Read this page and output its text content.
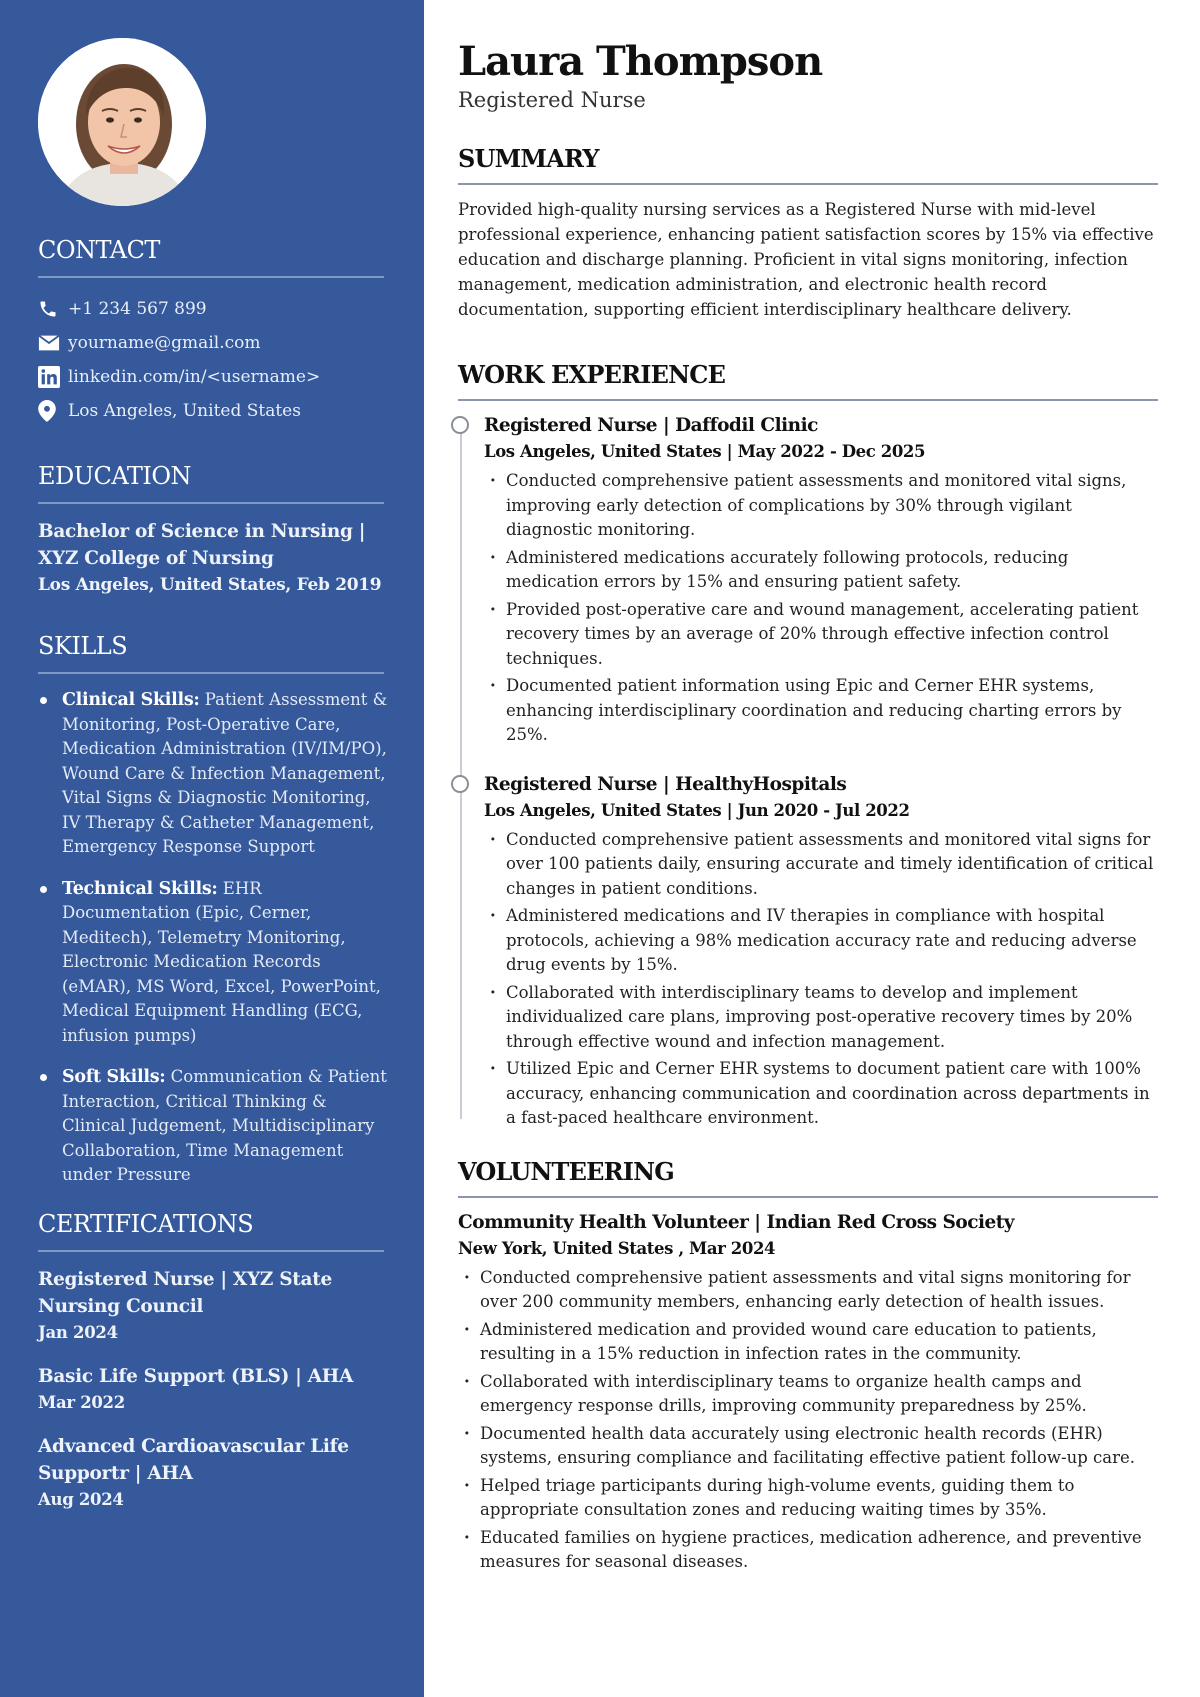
CONTACT
+1 234 567 899
yourname@gmail.com
linkedin.com/in/<username>
Los Angeles, United States
EDUCATION
Bachelor of Science in Nursing | XYZ College of Nursing
Los Angeles, United States, Feb 2019
SKILLS
Clinical Skills: Patient Assessment & Monitoring, Post-Operative Care, Medication Administration (IV/IM/PO), Wound Care & Infection Management, Vital Signs & Diagnostic Monitoring, IV Therapy & Catheter Management, Emergency Response Support
Technical Skills: EHR Documentation (Epic, Cerner, Meditech), Telemetry Monitoring, Electronic Medication Records (eMAR), MS Word, Excel, PowerPoint, Medical Equipment Handling (ECG, infusion pumps)
Soft Skills: Communication & Patient Interaction, Critical Thinking & Clinical Judgement, Multidisciplinary Collaboration, Time Management under Pressure
CERTIFICATIONS
Registered Nurse | XYZ State Nursing Council
Jan 2024
Basic Life Support (BLS) | AHA
Mar 2022
Advanced Cardioavascular Life Supportr | AHA
Aug 2024
Laura Thompson
Registered Nurse
SUMMARY
Provided high-quality nursing services as a Registered Nurse with mid-level professional experience, enhancing patient satisfaction scores by 15% via effective education and discharge planning. Proficient in vital signs monitoring, infection management, medication administration, and electronic health record documentation, supporting efficient interdisciplinary healthcare delivery.
WORK EXPERIENCE
Registered Nurse | Daffodil Clinic
Los Angeles, United States | May 2022 - Dec 2025
· Conducted comprehensive patient assessments and monitored vital signs, improving early detection of complications by 30% through vigilant diagnostic monitoring.
· Administered medications accurately following protocols, reducing medication errors by 15% and ensuring patient safety.
· Provided post-operative care and wound management, accelerating patient recovery times by an average of 20% through effective infection control techniques.
· Documented patient information using Epic and Cerner EHR systems, enhancing interdisciplinary coordination and reducing charting errors by 25%.
Registered Nurse | HealthyHospitals
Los Angeles, United States | Jun 2020 - Jul 2022
· Conducted comprehensive patient assessments and monitored vital signs for over 100 patients daily, ensuring accurate and timely identification of critical changes in patient conditions.
· Administered medications and IV therapies in compliance with hospital protocols, achieving a 98% medication accuracy rate and reducing adverse drug events by 15%.
· Collaborated with interdisciplinary teams to develop and implement individualized care plans, improving post-operative recovery times by 20% through effective wound and infection management.
· Utilized Epic and Cerner EHR systems to document patient care with 100% accuracy, enhancing communication and coordination across departments in a fast-paced healthcare environment.
VOLUNTEERING
Community Health Volunteer | Indian Red Cross Society
New York, United States , Mar 2024
· Conducted comprehensive patient assessments and vital signs monitoring for over 200 community members, enhancing early detection of health issues.
· Administered medication and provided wound care education to patients, resulting in a 15% reduction in infection rates in the community.
· Collaborated with interdisciplinary teams to organize health camps and emergency response drills, improving community preparedness by 25%.
· Documented health data accurately using electronic health records (EHR) systems, ensuring compliance and facilitating effective patient follow-up care.
· Helped triage participants during high-volume events, guiding them to appropriate consultation zones and reducing waiting times by 35%.
· Educated families on hygiene practices, medication adherence, and preventive measures for seasonal diseases.
